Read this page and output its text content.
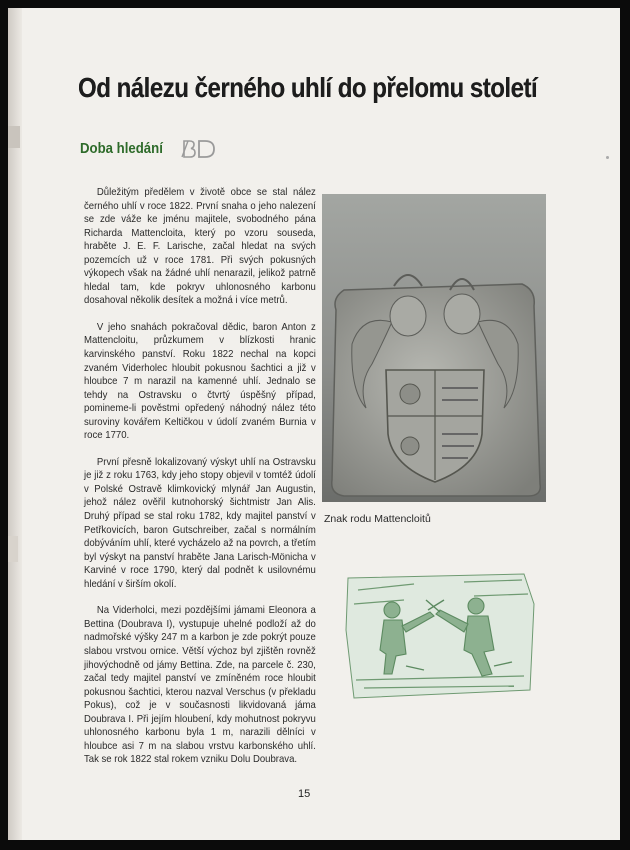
Od nálezu černého uhlí do přelomu století
Doba hledání

Důležitým předělem v životě obce se stal nález černého uhlí v roce 1822. První snaha o jeho nalezení se zde váže ke jménu majitele, svobodného pána Richarda Mattencloita, který po vzoru souseda, hraběte J. E. F. Larische, začal hledat na svých pozemcích už v roce 1781. Při svých pokusných výkopech však na žádné uhlí nenarazil, jelikož patrně hledal tam, kde pokryv uhlonosného karbonu dosahoval několik desítek a možná i více metrů.

V jeho snahách pokračoval dědic, baron Anton z Mattencloitu, průzkumem v blízkosti hranic karvinského panství. Roku 1822 nechal na kopci zvaném Viderholec hloubit pokusnou šachtici a již v hloubce 7 m narazil na kamenné uhlí. Jednalo se tehdy na Ostravsku o čtvrtý úspěšný případ, pomineme-li pověstmi opředený náhodný nález této suroviny kovářem Keltičkou v údolí zvaném Burnia v roce 1770.

První přesně lokalizovaný výskyt uhlí na Ostravsku je již z roku 1763, kdy jeho stopy objevil v tomtéž údolí v Polské Ostravě klimkovický mlynář Jan Augustin, jehož nález ověřil kutnohorský šichtmistr Jan Alis. Druhý případ se stal roku 1782, kdy majitel panství v Petřkovicích, baron Gutschreiber, začal s normálním dobýváním uhlí, které vycházelo až na povrch, a třetím byl výskyt na panství hraběte Jana Larisch-Mönicha v Karviné v roce 1790, který dal podnět k usilovnému hledání v širším okolí.

Na Viderholci, mezi pozdějšími jámami Eleonora a Bettina (Doubrava I), vystupuje uhelné podloží až do nadmořské výšky 247 m a karbon je zde pokrýt pouze slabou vrstvou ornice. Větší výchoz byl zjištěn rovněž jihovýchodně od jámy Bettina. Zde, na parcele č. 230, začal tedy majitel panství ve zmíněném roce hloubit pokusnou šachtici, kterou nazval Verschus (v překladu Pokus), což je v současnosti likvidovaná jáma Doubrava I. Při jejím hloubení, kdy mohutnost pokryvu uhlonosného karbonu byla 1 m, narazili dělníci v hloubce asi 7 m na slabou vrstvu karbonského uhlí. Tak se rok 1822 stal rokem vzniku Dolu Doubrava.

Znak rodu Mattencloitů
15
